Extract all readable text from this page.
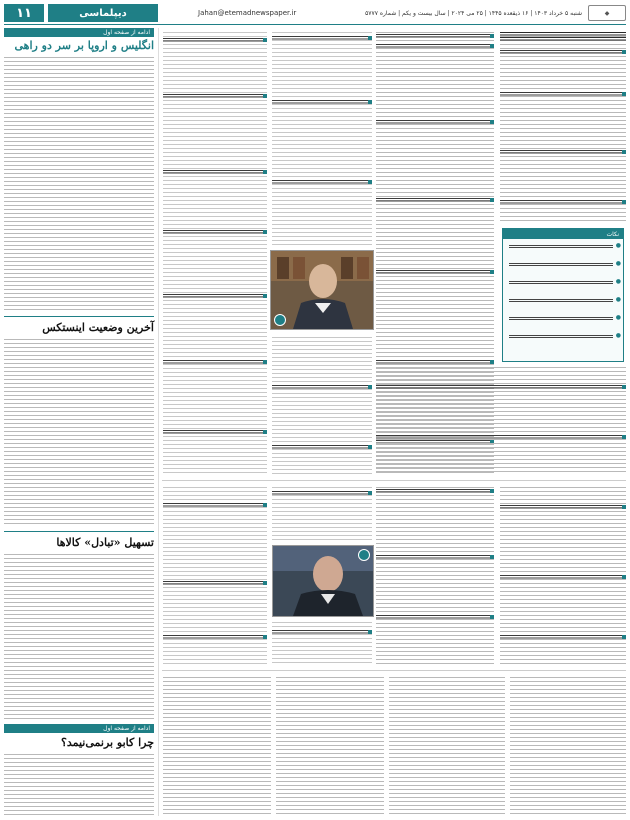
۱۱	دیپلماسی	Jahan@etemadnewspaper.ir	شنبه ۵ خرداد ۱۴۰۳ | ۱۶ ذیقعده ۱۴۴۵ | ۲۵ می ۲۰۲۴ | سال بیست و یکم | شماره ۵۷۷۷	◆
ادامه از صفحه اول
انگلیس و اروپا بر سر دو راهی
آخرین وضعیت اینستکس
تسهیل «تبادل» کالاها
ادامه از صفحه اول
چرا کابو برنمی‌نیمد؟
نکات
●
●
●
●
●
●
